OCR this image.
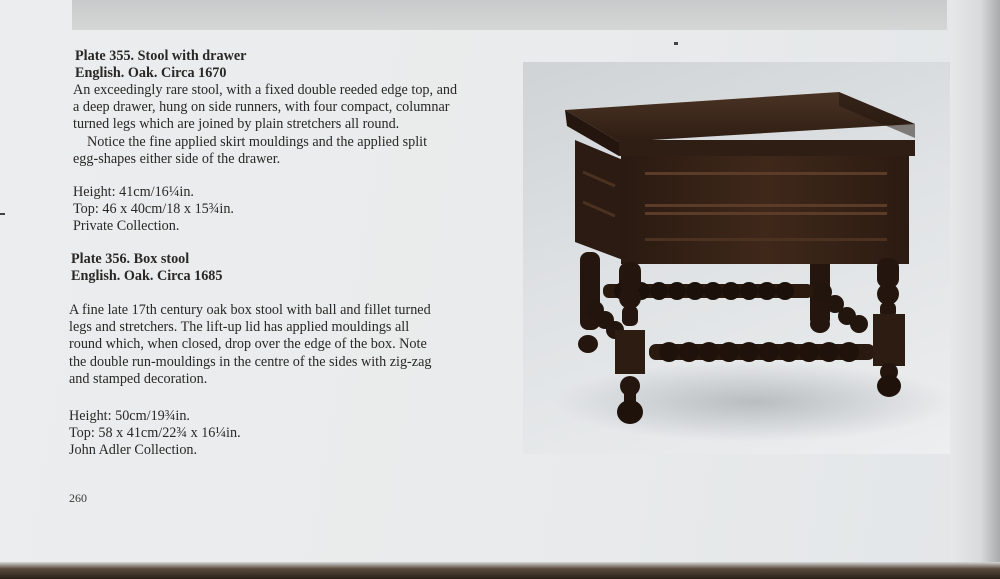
Plate 355. Stool with drawer
English. Oak. Circa 1670
An exceedingly rare stool, with a fixed double reeded edge top, and
a deep drawer, hung on side runners, with four compact, columnar
turned legs which are joined by plain stretchers all round.
Notice the fine applied skirt mouldings and the applied split
egg-shapes either side of the drawer.
Height: 41cm/16¼in.
Top: 46 x 40cm/18 x 15¾in.
Private Collection.
Plate 356. Box stool
English. Oak. Circa 1685
A fine late 17th century oak box stool with ball and fillet turned
legs and stretchers. The lift-up lid has applied mouldings all
round which, when closed, drop over the edge of the box. Note
the double run-mouldings in the centre of the sides with zig-zag
and stamped decoration.
Height: 50cm/19¾in.
Top: 58 x 41cm/22¾ x 16¼in.
John Adler Collection.
260
